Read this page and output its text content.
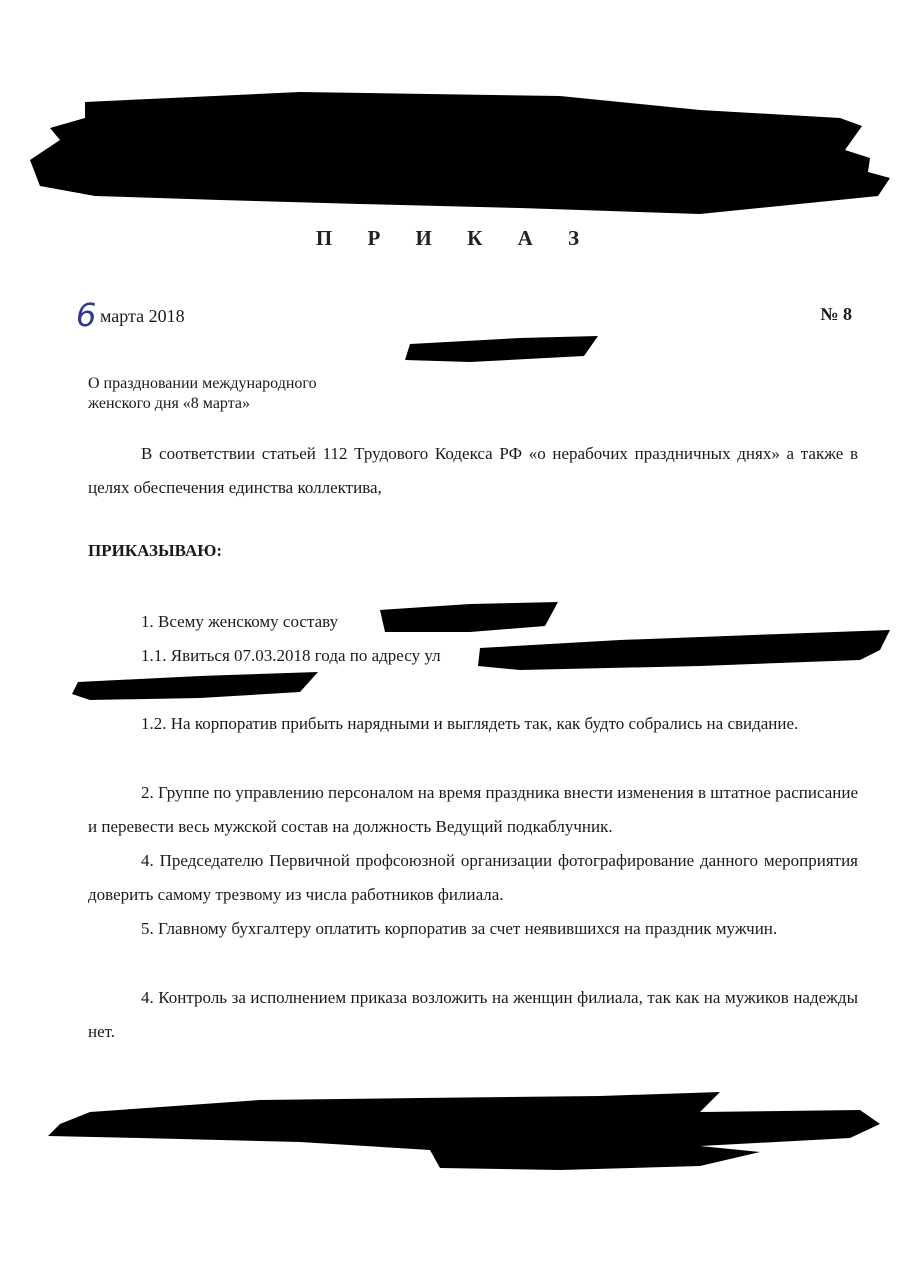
П Р И К А З
6 марта 2018	№ 8
О праздновании международного
женского дня «8 марта»
В соответствии статьей 112 Трудового Кодекса РФ «о нерабочих праздничных днях» а также в целях обеспечения единства коллектива,
ПРИКАЗЫВАЮ:

1. Всему женскому составу

1.1. Явиться 07.03.2018 года по адресу ул

1.2. На корпоратив прибыть нарядными и выглядеть так, как будто собрались на свидание.

2. Группе по управлению персоналом на время праздника внести изменения в штатное расписание и перевести весь мужской состав на должность Ведущий подкаблучник.

4. Председателю Первичной профсоюзной организации фотографирование данного мероприятия доверить самому трезвому из числа работников филиала.

5. Главному бухгалтеру оплатить корпоратив за счет неявившихся на праздник мужчин.

4. Контроль за исполнением приказа возложить на женщин филиала, так как на мужиков надежды нет.
